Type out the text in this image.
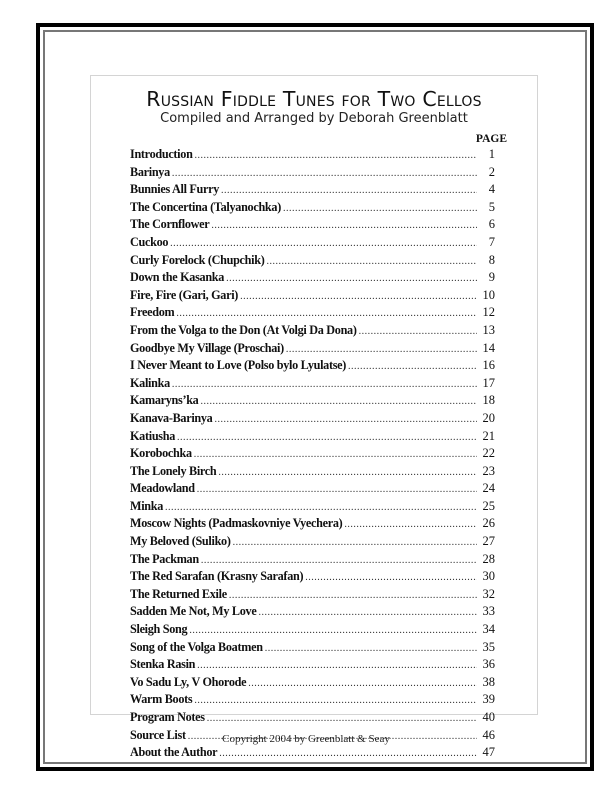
Russian Fiddle Tunes for Two Cellos
Compiled and Arranged by Deborah Greenblatt
PAGE
Introduction .....	1
Barinya .....	2
Bunnies All Furry .....	4
The Concertina (Talyanochka) .....	5
The Cornflower .....	6
Cuckoo .....	7
Curly Forelock (Chupchik) .....	8
Down the Kasanka .....	9
Fire, Fire (Gari, Gari) .....	10
Freedom .....	12
From the Volga to the Don (At Volgi Da Dona) .....	13
Goodbye My Village (Proschai) .....	14
I Never Meant to Love (Polso bylo Lyulatse) .....	16
Kalinka .....	17
Kamaryns’ka .....	18
Kanava-Barinya .....	20
Katiusha .....	21
Korobochka .....	22
The Lonely Birch .....	23
Meadowland .....	24
Minka .....	25
Moscow Nights (Padmaskovniye Vyechera) .....	26
My Beloved (Suliko) .....	27
The Packman .....	28
The Red Sarafan (Krasny Sarafan) .....	30
The Returned Exile .....	32
Sadden Me Not, My Love .....	33
Sleigh Song .....	34
Song of the Volga Boatmen .....	35
Stenka Rasin .....	36
Vo Sadu Ly, V Ohorode .....	38
Warm Boots .....	39
Program Notes .....	40
Source List .....	46
About the Author .....	47
Copyright 2004 by Greenblatt & Seay
